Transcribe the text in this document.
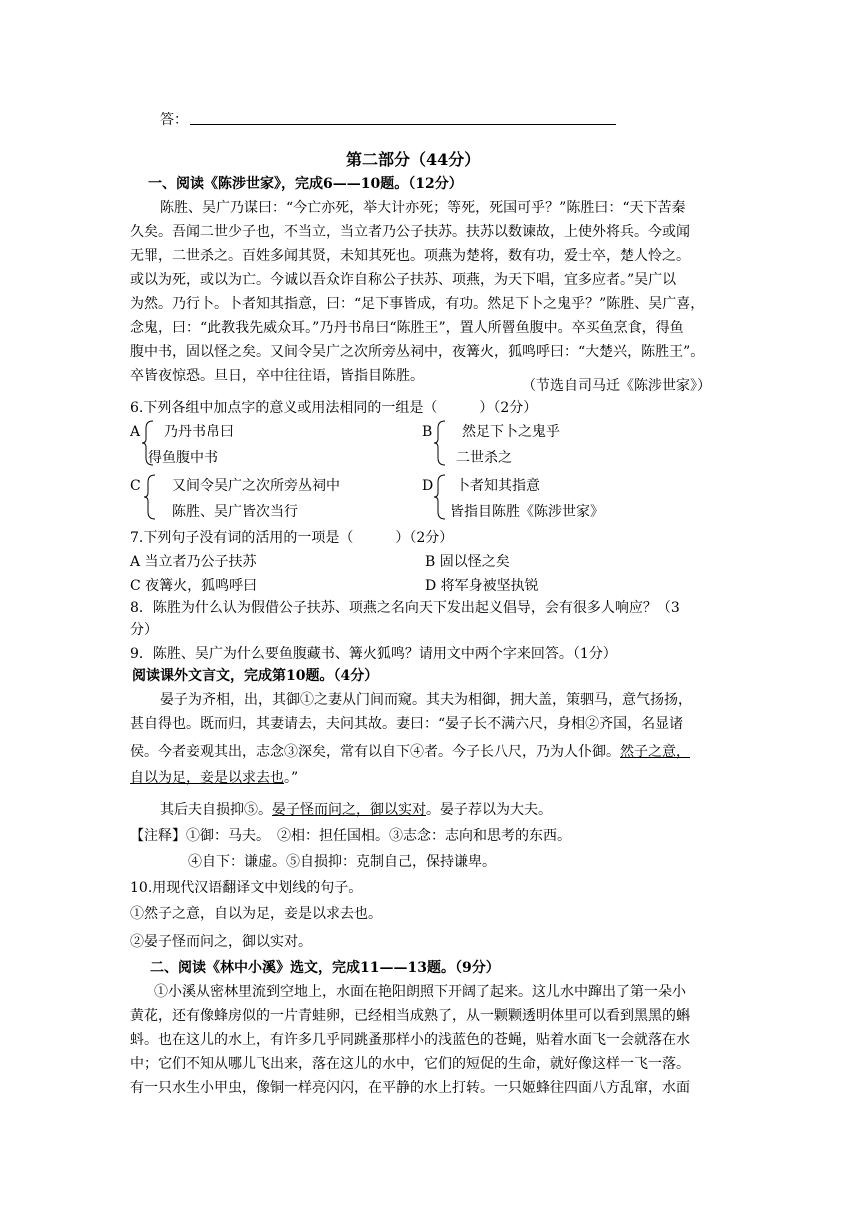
答：
第二部分（44分）
一、阅读《陈涉世家》，完成6——10题。（12分）
陈胜、吴广乃谋曰：“今亡亦死，举大计亦死；等死，死国可乎？”陈胜曰：“天下苦秦
久矣。吾闻二世少子也，不当立，当立者乃公子扶苏。扶苏以数谏故，上使外将兵。今或闻
无罪，二世杀之。百姓多闻其贤，未知其死也。项燕为楚将，数有功，爱士卒，楚人怜之。
或以为死，或以为亡。今诚以吾众诈自称公子扶苏、项燕，为天下唱，宜多应者。”吴广以
为然。乃行卜。卜者知其指意，曰：“足下事皆成，有功。然足下卜之鬼乎？”陈胜、吴广喜，
念鬼，曰：“此教我先威众耳。”乃丹书帛曰“陈胜王”，置人所罾鱼腹中。卒买鱼烹食，得鱼
腹中书，固以怪之矣。又间令吴广之次所旁丛祠中，夜篝火，狐鸣呼曰：“大楚兴，陈胜王”。
卒皆夜惊恐。旦日，卒中往往语，皆指目陈胜。
（节选自司马迁《陈涉世家》）
6.下列各组中加点字的意义或用法相同的一组是（　　　）（2分）
A 乃丹书帛曰
得鱼腹中书
B 然足下卜之鬼乎
二世杀之
C 又间令吴广之次所旁丛祠中
陈胜、吴广皆次当行
D 卜者知其指意
皆指目陈胜《陈涉世家》
7.下列句子没有词的活用的一项是（　　　）（2分）
A 当立者乃公子扶苏	B 固以怪之矣
C 夜篝火，狐鸣呼曰	D 将军身被坚执锐
8．陈胜为什么认为假借公子扶苏、项燕之名向天下发出起义倡导，会有很多人响应？（3
分）
9．陈胜、吴广为什么要鱼腹藏书、篝火狐鸣？请用文中两个字来回答。（1分）
阅读课外文言文，完成第10题。（4分）
晏子为齐相，出，其御①之妻从门间而窥。其夫为相御，拥大盖，策驷马，意气扬扬，
甚自得也。既而归，其妻请去，夫问其故。妻曰：“晏子长不满六尺，身相②齐国，名显诸
侯。今者妾观其出，志念③深矣，常有以自下④者。今子长八尺，乃为人仆御。然子之意，
自以为足，妾是以求去也。”
其后夫自损抑⑤。晏子怪而问之，御以实对。晏子荐以为大夫。
【注释】①御：马夫。　②相：担任国相。③志念：志向和思考的东西。
④自下：谦虚。⑤自损抑：克制自己，保持谦卑。
10.用现代汉语翻译文中划线的句子。
①然子之意，自以为足，妾是以求去也。
②晏子怪而问之，御以实对。
二、阅读《林中小溪》选文，完成11——13题。（9分）
①小溪从密林里流到空地上，水面在艳阳朗照下开阔了起来。这儿水中蹿出了第一朵小
黄花，还有像蜂房似的一片青蛙卵，已经相当成熟了，从一颗颗透明体里可以看到黑黑的蝌
蚪。也在这儿的水上，有许多几乎同跳蚤那样小的浅蓝色的苍蝇，贴着水面飞一会就落在水
中；它们不知从哪儿飞出来，落在这儿的水中，它们的短促的生命，就好像这样一飞一落。
有一只水生小甲虫，像铜一样亮闪闪，在平静的水上打转。一只姬蜂往四面八方乱窜，水面
